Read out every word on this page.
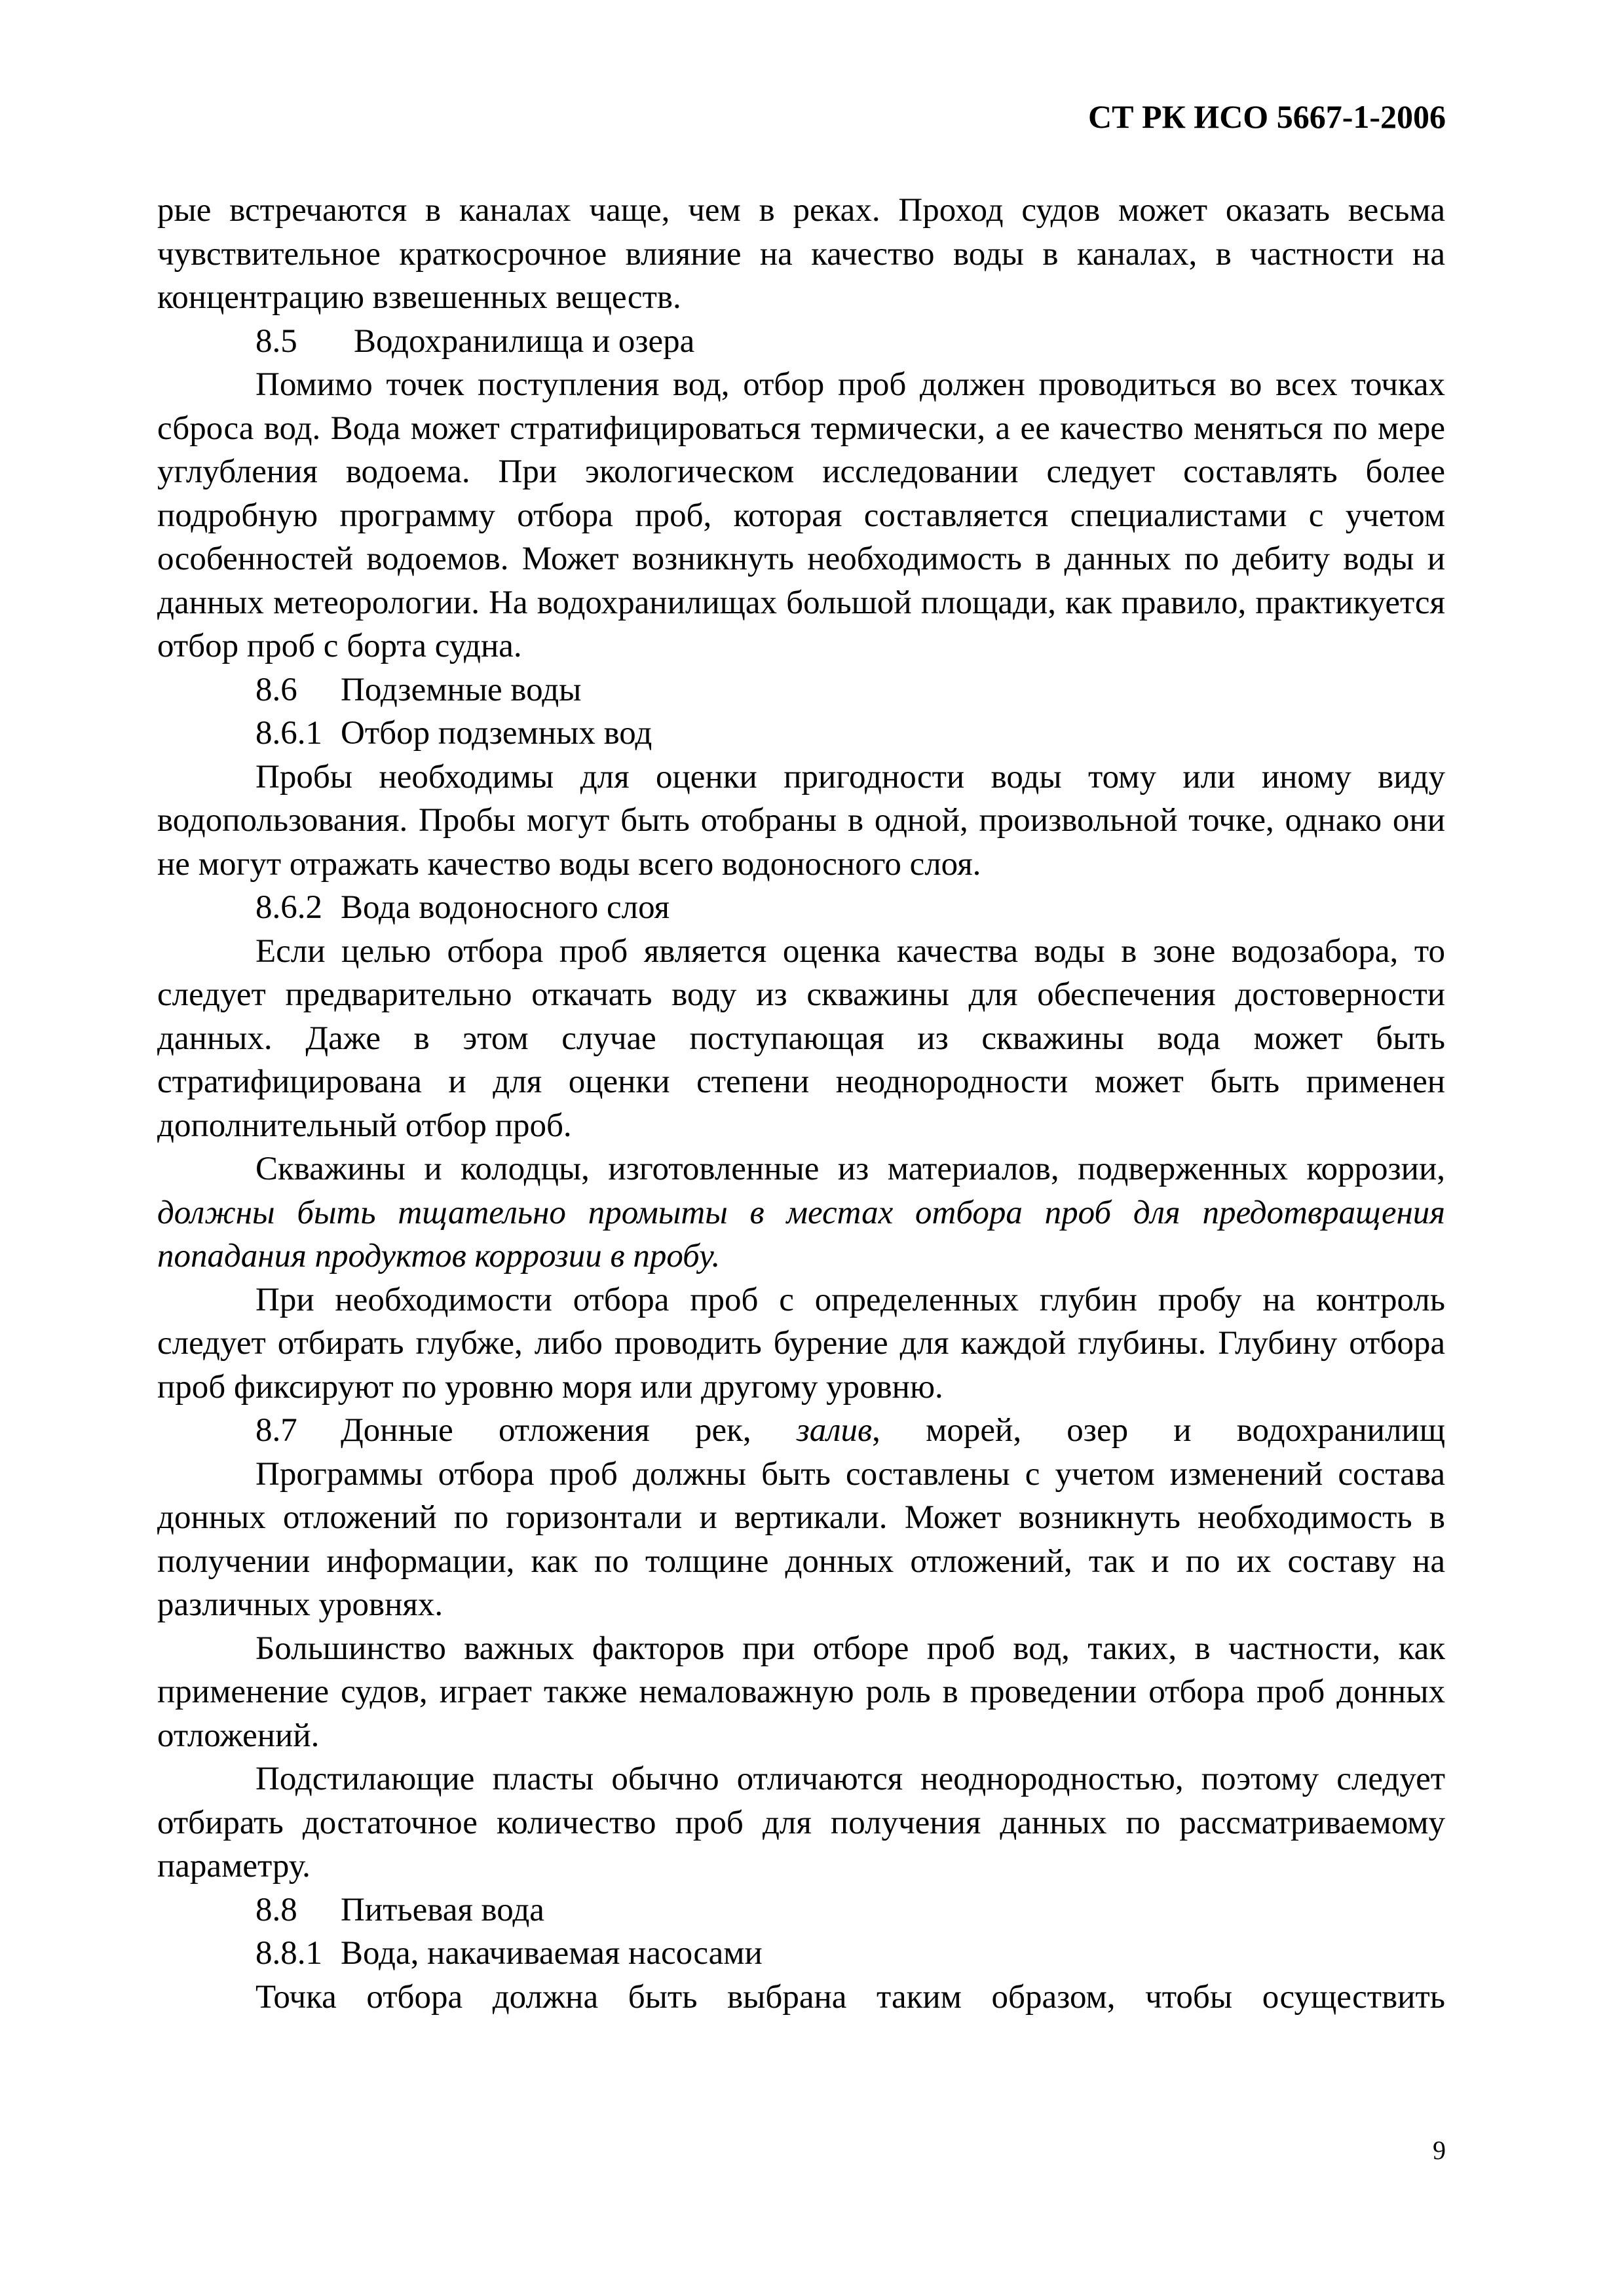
СТ РК ИСО 5667-1-2006

рые встречаются в каналах чаще, чем в реках. Проход судов может оказать весьма чувствительное краткосрочное влияние на качество воды в каналах, в частности на концентрацию взвешенных веществ.

8.5 Водохранилища и озера

Помимо точек поступления вод, отбор проб должен проводиться во всех точках сброса вод. Вода может стратифицироваться термически, а ее качество меняться по мере углубления водоема. При экологическом исследовании следует составлять более подробную программу отбора проб, которая составляется специалистами с учетом особенностей водоемов. Может возникнуть необходимость в данных по дебиту воды и данных метеорологии. На водохранилищах большой площади, как правило, практикуется отбор проб с борта судна.

8.6 Подземные воды
8.6.1 Отбор подземных вод

Пробы необходимы для оценки пригодности воды тому или иному виду водопользования. Пробы могут быть отобраны в одной, произвольной точке, однако они не могут отражать качество воды всего водоносного слоя.

8.6.2 Вода водоносного слоя

Если целью отбора проб является оценка качества воды в зоне водозабора, то следует предварительно откачать воду из скважины для обеспечения достоверности данных. Даже в этом случае поступающая из скважины вода может быть стратифицирована и для оценки степени неоднородности может быть применен дополнительный отбор проб.

Скважины и колодцы, изготовленные из материалов, подверженных коррозии, должны быть тщательно промыты в местах отбора проб для предотвращения попадания продуктов коррозии в пробу.

При необходимости отбора проб с определенных глубин пробу на контроль следует отбирать глубже, либо проводить бурение для каждой глубины. Глубину отбора проб фиксируют по уровню моря или другому уровню.

8.7 Донные отложения рек, залив, морей, озер и водохранилищ

Программы отбора проб должны быть составлены с учетом изменений состава донных отложений по горизонтали и вертикали. Может возникнуть необходимость в получении информации, как по толщине донных отложений, так и по их составу на различных уровнях.

Большинство важных факторов при отборе проб вод, таких, в частности, как применение судов, играет также немаловажную роль в проведении отбора проб донных отложений.

Подстилающие пласты обычно отличаются неоднородностью, поэтому следует отбирать достаточное количество проб для получения данных по рассматриваемому параметру.

8.8 Питьевая вода
8.8.1 Вода, накачиваемая насосами

Точка отбора должна быть выбрана таким образом, чтобы осуществить

9
